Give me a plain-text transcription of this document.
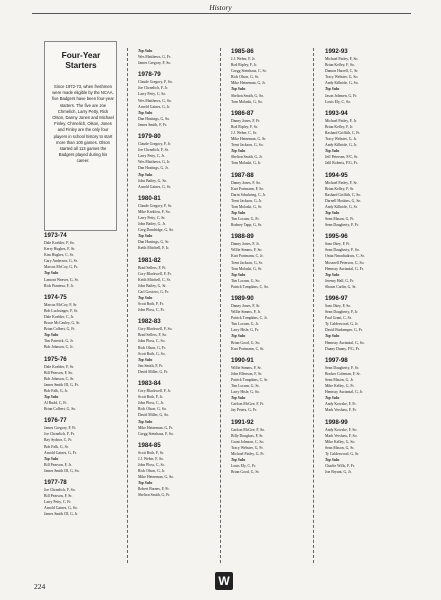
History
Four-Year Starters
Since 1972-73, when freshmen were made eligible by the NCAA, five Badgers have been four-year starters. The five are Joe Chrnelich, Larry Petty, Rick Olson, Danny Jones and Michael Finley. Chrnelich, Olson, Jones and Finley are the only four players in school history to start more than 100 games. Olson started all 113 games the Badgers played during his career.
1973-74
Dale Koehler, F, So.
Kerry Hughes, F, Sr.
Kim Hughes, C, Sr.
Gary Anderson, G, Sr.
Marcus McCoy, G, Fr.
Top Subs
Lamont Weaver, G, Sr.
Rick Piantesa, F, Jr.
1974-75
Marcus McCoy, F, Sr.
Bob Luchsinger, F, Sr.
Dale Koehler, C, Jr.
Bruce McCauley, G, Sr.
Brian Colbert, G, Fr.
Top Subs
Tim Paterick, G, Jr.
Bob Johnson, C, Jr.
1975-76
Dale Koehler, F, Sr.
Bill Pearson, F, So.
Bob Johnson, C, Sr.
James Smith III, G, Fr.
Bob Falk, G, Jr.
Top Subs
Al Rudd, C, Fr.
Brian Colbert, G, So.
1976-77
James Gregory, F, Fr.
Joe Chrnelich, F, Fr.
Ray Sydnor, C, Fr.
Bob Falk, G, Sr.
Arnold Gaines, G, Fr.
Top Subs
Bill Pearson, F, Jr.
James Smith III, G, So.
1977-78
Joe Chrnelich, F, So.
Bill Pearson, F, Sr.
Larry Petty, C, Fr.
Arnold Gaines, G, So.
James Smith III, G, Jr.
Top Subs
Wes Matthews, G, Fr.
James Gregory, F, So.
1978-79
Claude Gregory, F, So.
Joe Chrnelich, F, Jr.
Larry Petty, C, So.
Wes Matthews, G, So.
Arnold Gaines, G, Jr.
Top Subs
Dan Hastings, G, So.
James Smith, F, Fr.
1979-80
Claude Gregory, F, Jr.
Joe Chrnelich, F, Sr.
Larry Petty, C, Jr.
Wes Matthews, G, Jr.
Dan Hastings, G, Jr.
Top Subs
John Bailey, G, So.
Arnold Gaines, G, Sr.
1980-81
Claude Gregory, F, Sr.
Mike Kreklow, F, So.
Larry Petty, C, Sr.
John Bailey, G, Jr.
Greg Dandridge, G, So.
Top Subs
Dan Hastings, G, Sr.
Keith Mitchell, F, Jr.
1981-82
Brad Sellers, F, Fr.
Cory Blackwell, F, Fr.
Keith Mitchell, C, Sr.
John Bailey, G, Sr.
Carl Gostovo, G, Fr.
Top Subs
Scott Roth, F, Fr.
John Ploss, C, Fr.
1982-83
Cory Blackwell, F, So.
Brad Sellers, F, So.
John Ploss, C, So.
Rick Olson, G, Fr.
Scott Roth, G, So.
Top Subs
Jim Smith, F, Fr.
David Miller, G, Fr.
1983-84
Cory Blackwell, F, Jr.
Scott Roth, F, Jr.
John Ploss, C, Jr.
Rick Olson, G, So.
David Miller, G, So.
Top Subs
Mike Heineman, G, Fr.
Gregg Steinhaus, F, So.
1984-85
Scott Roth, F, Sr.
J.J. Weber, F, So.
John Ploss, C, Sr.
Rick Olson, G, Jr.
Mike Heineman, G, So.
Top Subs
Robert Barnes, F, Fr.
Shelton Smith, G, Fr.
1985-86
J.J. Weber, F, Jr.
Rod Ripley, F, Jr.
Gregg Steinhaus, C, Sr.
Rick Olson, G, Sr.
Mike Heineman, G, Jr.
Top Subs
Shelton Smith, G, So.
Tom Molaski, G, So.
1986-87
Danny Jones, F, Fr.
Rod Ripley, F, Sr.
J.J. Weber, C, Sr.
Mike Heineman, G, Sr.
Trent Jackson, G, So.
Top Subs
Shelton Smith, G, Jr.
Tom Molaski, G, Jr.
1987-88
Danny Jones, F, So.
Kurt Portmann, F, So.
Darin Schubring, C, Jr.
Trent Jackson, G, Jr.
Tom Molaski, G, Sr.
Top Subs
Tim Locum, G, Fr.
Rodney Tapp, G, Sr.
1988-89
Danny Jones, F, Jr.
Willie Simms, F, So.
Kurt Portmann, C, Jr.
Trent Jackson, G, Sr.
Tom Molaski, G, Sr.
Top Subs
Tim Locum, G, So.
Patrick Tompkins, C, So.
1989-90
Danny Jones, F, Sr.
Willie Simms, F, Jr.
Patrick Tompkins, C, Jr.
Tim Locum, G, Jr.
Larry Hisle, G, Fr.
Top Subs
Brian Good, G, So.
Kurt Portmann, C, Sr.
1990-91
Willie Simms, F, Sr.
John Ellenson, F, Sr.
Patrick Tompkins, C, Sr.
Tim Locum, G, Sr.
Larry Hisle, G, So.
Top Subs
Carlton McGee, F, Fr.
Jay Peters, G, Fr.
1991-92
Carlton McGee, F, So.
Billy Douglass, F, Sr.
Grant Johnson, C, So.
Tracy Webster, G, Fr.
Michael Finley, G, Fr.
Top Subs
Louis Ely, C, Fr.
Brian Good, G, Sr.
1992-93
Michael Finley, F, So.
Brian Kelley, F, So.
Damon Harrell, C, Sr.
Tracy Webster, G, So.
Andy Kilbride, G, So.
Top Subs
Jason Johnsen, G, Fr.
Louis Ely, C, So.
1993-94
Michael Finley, F, Jr.
Brian Kelley, F, Jr.
Rashard Griffith, C, Fr.
Tracy Webster, G, Jr.
Andy Kilbride, G, Jr.
Top Subs
Jeff Petersen, F/C, Sr.
Jalil Roberts, F/G, Fr.
1994-95
Michael Finley, F, Sr.
Brian Kelley, F, Sr.
Rashard Griffith, C, So.
Darnell Hoskins, G, So.
Andy Kilbride, G, Sr.
Top Subs
Sean Mason, G, Fr.
Sean Daugherty, F, Fr.
1995-96
Sam Okey, F, Fr.
Sean Daugherty, F, So.
Onita Nmadiuikwu, C, Sr.
Mosezell Peterson, G, So.
Hennssy Auriantal, G, Fr.
Top Subs
Jeremy Hall, G, Fr.
Shawn Carlin, G, Sr.
1996-97
Sam Okey, F, So.
Sean Daugherty, F, Jr.
Paul Grant, C, Sr.
Ty Calderwood, G, Jr.
David Burkemper, G, Fr.
Top Subs
Hennssy Auriantal, G, So.
Duany Duany, F/G, Fr.
1997-98
Sean Daugherty, F, Sr.
Booker Coleman, F, Sr.
Sean Mason, G, Jr.
Mike Kelley, G, Fr.
Hennssy Auriantal, G, Jr.
Top Subs
Andy Kowske, F, Fr.
Mark Vershaw, F, Fr.
1998-99
Andy Kowske, F, So.
Mark Vershaw, F, So.
Mike Kelley, G, So.
Sean Mason, G, Sr.
Ty Calderwood, G, Sr.
Top Subs
Charlie Wills, F, Fr.
Jon Bryant, G, Jr.
W
224
